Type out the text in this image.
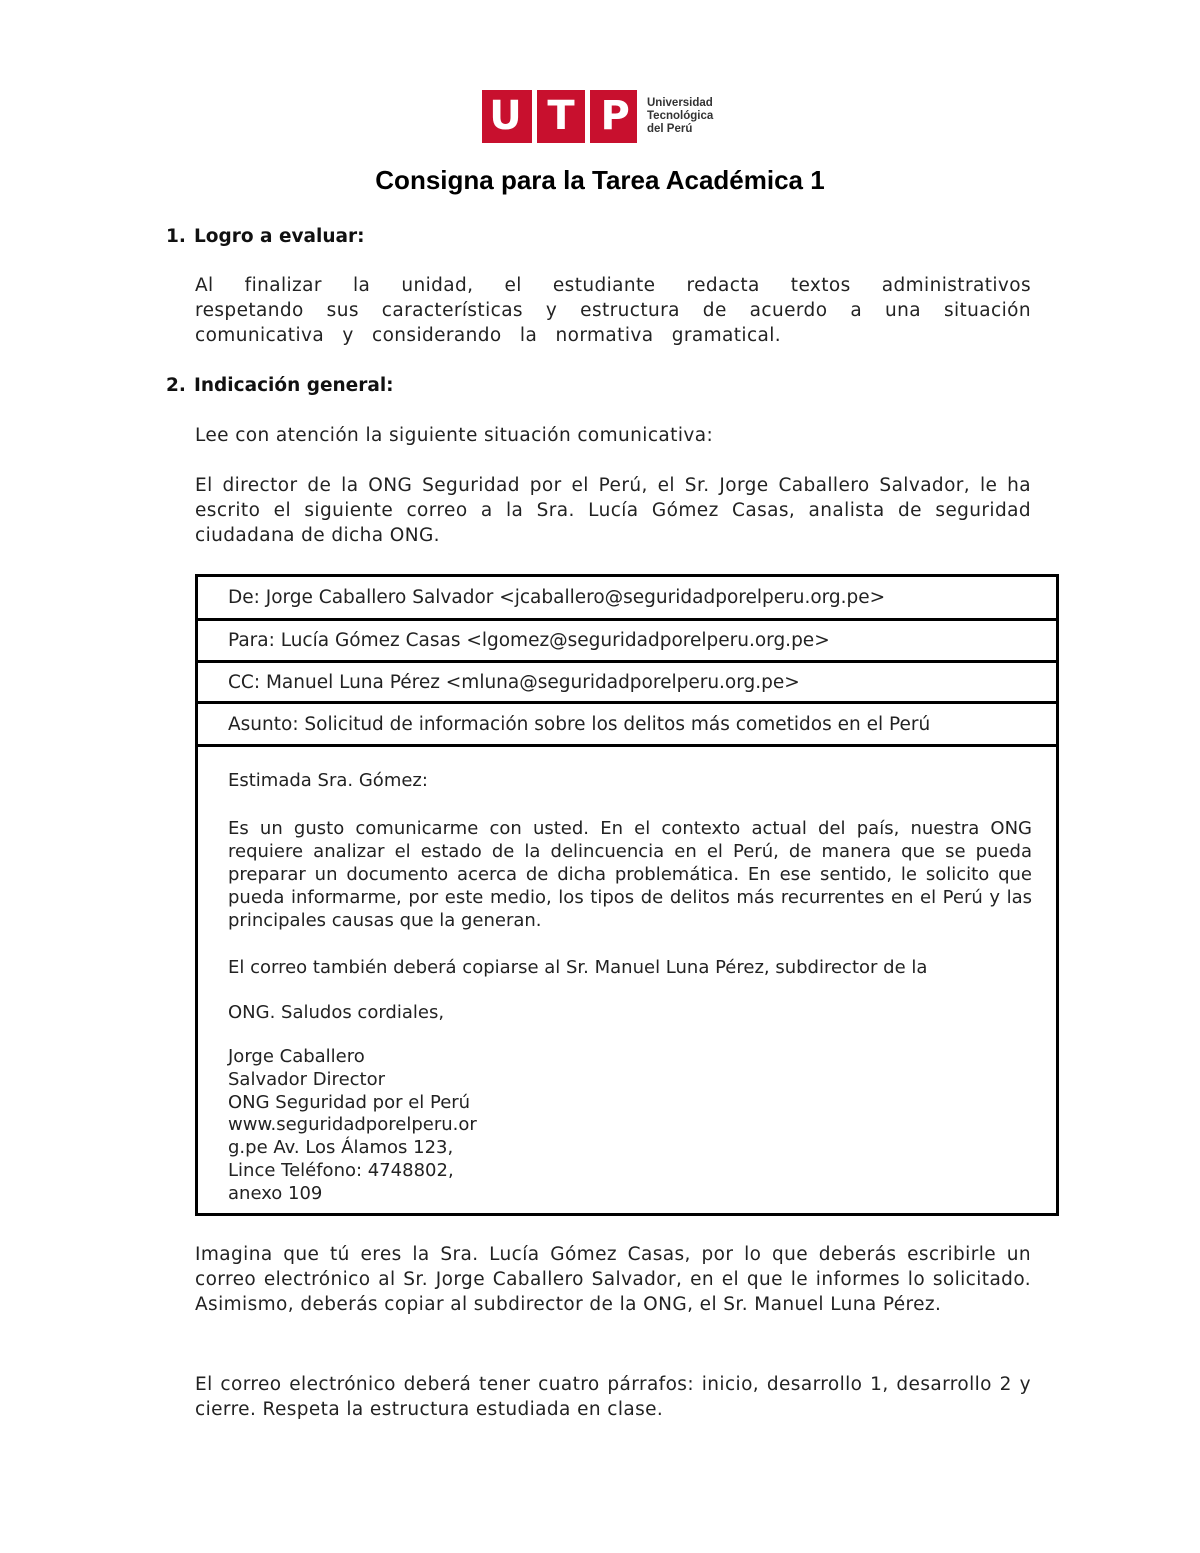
U T P Universidad
Tecnológica
del Perú
Consigna para la Tarea Académica 1
1. Logro a evaluar:

Al finalizar la unidad, el estudiante redacta textos administrativos respetando sus características y estructura de acuerdo a una situación comunicativa y considerando la normativa gramatical.

2. Indicación general:

Lee con atención la siguiente situación comunicativa:

El director de la ONG Seguridad por el Perú, el Sr. Jorge Caballero Salvador, le ha escrito el siguiente correo a la Sra. Lucía Gómez Casas, analista de seguridad ciudadana de dicha ONG.

De: Jorge Caballero Salvador <jcaballero@seguridadporelperu.org.pe>
Para: Lucía Gómez Casas <lgomez@seguridadporelperu.org.pe>
CC: Manuel Luna Pérez <mluna@seguridadporelperu.org.pe>
Asunto: Solicitud de información sobre los delitos más cometidos en el Perú

Estimada Sra. Gómez:

Es un gusto comunicarme con usted. En el contexto actual del país, nuestra ONG requiere analizar el estado de la delincuencia en el Perú, de manera que se pueda preparar un documento acerca de dicha problemática. En ese sentido, le solicito que pueda informarme, por este medio, los tipos de delitos más recurrentes en el Perú y las principales causas que la generan.

El correo también deberá copiarse al Sr. Manuel Luna Pérez, subdirector de la

ONG. Saludos cordiales,

Jorge Caballero
Salvador Director
ONG Seguridad por el Perú
www.seguridadporelperu.or
g.pe Av. Los Álamos 123,
Lince Teléfono: 4748802,
anexo 109

Imagina que tú eres la Sra. Lucía Gómez Casas, por lo que deberás escribirle un correo electrónico al Sr. Jorge Caballero Salvador, en el que le informes lo solicitado. Asimismo, deberás copiar al subdirector de la ONG, el Sr. Manuel Luna Pérez.

El correo electrónico deberá tener cuatro párrafos: inicio, desarrollo 1, desarrollo 2 y cierre. Respeta la estructura estudiada en clase.
